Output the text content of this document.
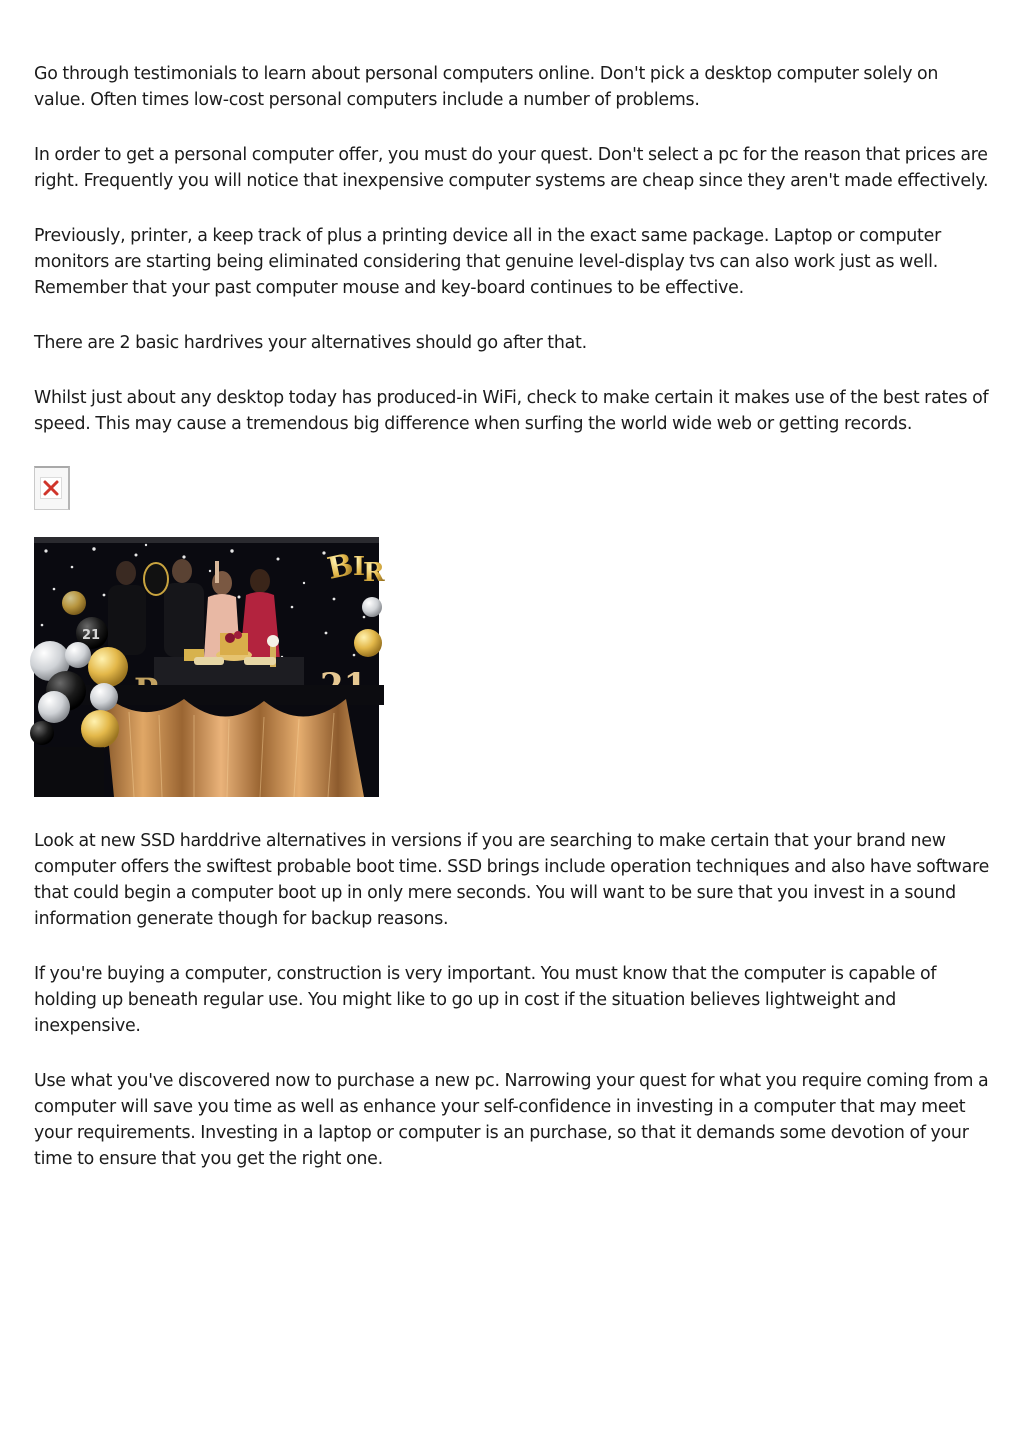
Go through testimonials to learn about personal computers online. Don't pick a desktop computer solely on value. Often times low-cost personal computers include a number of problems.

In order to get a personal computer offer, you must do your quest. Don't select a pc for the reason that prices are right. Frequently you will notice that inexpensive computer systems are cheap since they aren't made effectively.

Previously, printer, a keep track of plus a printing device all in the exact same package. Laptop or computer monitors are starting being eliminated considering that genuine level-display tvs can also work just as well. Remember that your past computer mouse and key-board continues to be effective.

There are 2 basic hardrives your alternatives should go after that.

Whilst just about any desktop today has produced-in WiFi, check to make certain it makes use of the best rates of speed. This may cause a tremendous big difference when surfing the world wide web or getting records.

B
I
R
21

Look at new SSD harddrive alternatives in versions if you are searching to make certain that your brand new computer offers the swiftest probable boot time. SSD brings include operation techniques and also have software that could begin a computer boot up in only mere seconds. You will want to be sure that you invest in a sound information generate though for backup reasons.

If you're buying a computer, construction is very important. You must know that the computer is capable of holding up beneath regular use. You might like to go up in cost if the situation believes lightweight and inexpensive.

Use what you've discovered now to purchase a new pc. Narrowing your quest for what you require coming from a computer will save you time as well as enhance your self-confidence in investing in a computer that may meet your requirements. Investing in a laptop or computer is an purchase, so that it demands some devotion of your time to ensure that you get the right one.
